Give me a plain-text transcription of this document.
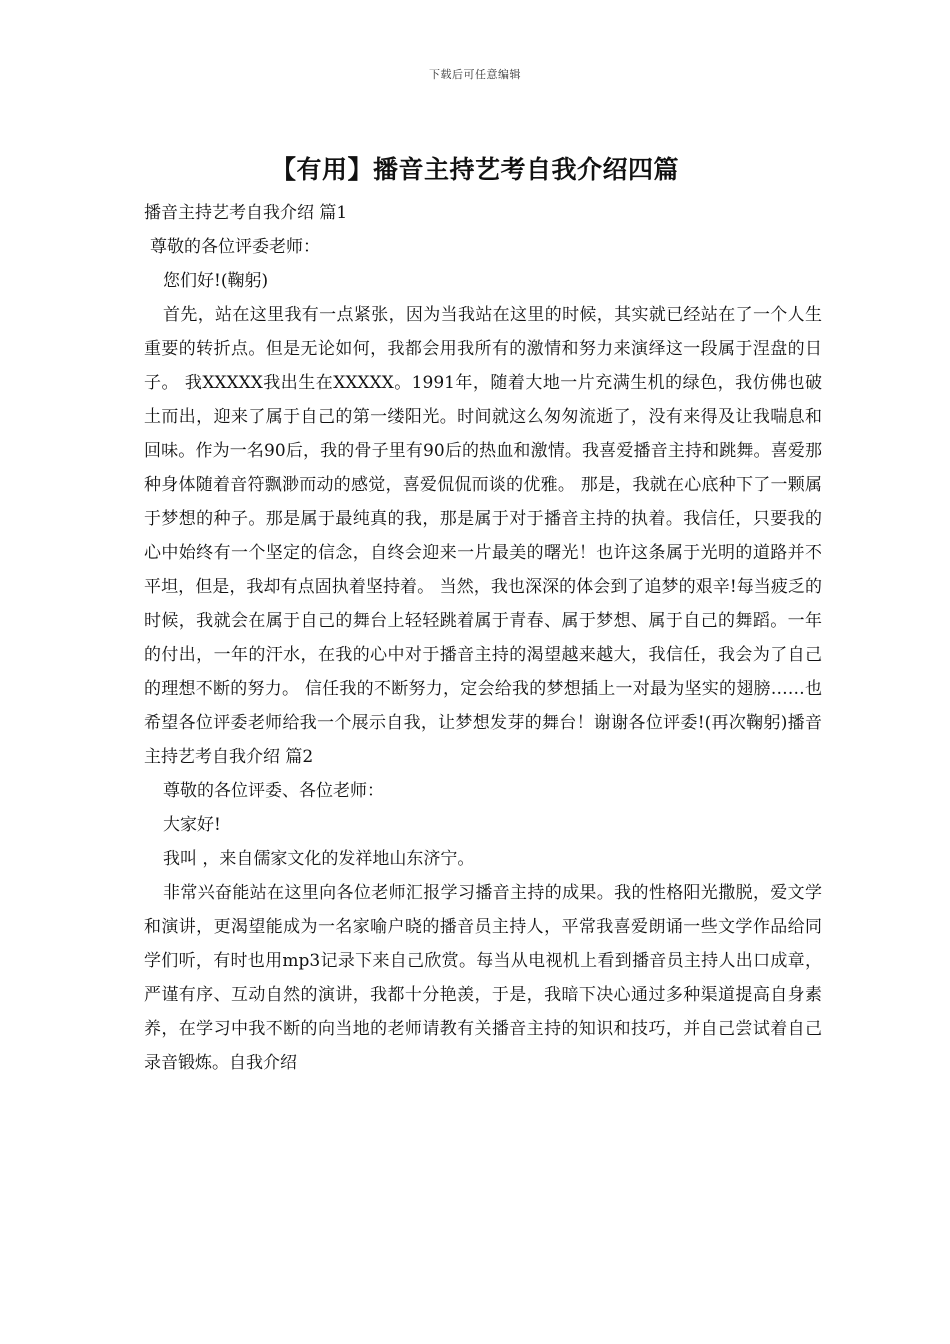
下载后可任意编辑
【有用】播音主持艺考自我介绍四篇

播音主持艺考自我介绍 篇1

尊敬的各位评委老师：

您们好!(鞠躬)

首先，站在这里我有一点紧张，因为当我站在这里的时候，其实就已经站在了一个人生重要的转折点。但是无论如何，我都会用我所有的激情和努力来演绎这一段属于涅盘的日子。 我XXXXX我出生在XXXXX。1991年，随着大地一片充满生机的绿色，我仿佛也破土而出，迎来了属于自己的第一缕阳光。时间就这么匆匆流逝了，没有来得及让我喘息和回味。作为一名90后，我的骨子里有90后的热血和激情。我喜爱播音主持和跳舞。喜爱那种身体随着音符飘渺而动的感觉，喜爱侃侃而谈的优雅。 那是，我就在心底种下了一颗属于梦想的种子。那是属于最纯真的我，那是属于对于播音主持的执着。我信任，只要我的心中始终有一个坚定的信念，自终会迎来一片最美的曙光！也许这条属于光明的道路并不平坦，但是，我却有点固执着坚持着。 当然，我也深深的体会到了追梦的艰辛!每当疲乏的时候，我就会在属于自己的舞台上轻轻跳着属于青春、属于梦想、属于自己的舞蹈。一年的付出，一年的汗水，在我的心中对于播音主持的渴望越来越大，我信任，我会为了自己的理想不断的努力。 信任我的不断努力，定会给我的梦想插上一对最为坚实的翅膀……也希望各位评委老师给我一个展示自我，让梦想发芽的舞台！谢谢各位评委!(再次鞠躬)播音主持艺考自我介绍 篇2

尊敬的各位评委、各位老师：

大家好!

我叫 ，来自儒家文化的发祥地山东济宁。

非常兴奋能站在这里向各位老师汇报学习播音主持的成果。我的性格阳光撒脱，爱文学和演讲，更渴望能成为一名家喻户晓的播音员主持人，平常我喜爱朗诵一些文学作品给同学们听，有时也用mp3记录下来自己欣赏。每当从电视机上看到播音员主持人出口成章，严谨有序、互动自然的演讲，我都十分艳羡，于是，我暗下决心通过多种渠道提高自身素养，在学习中我不断的向当地的老师请教有关播音主持的知识和技巧，并自己尝试着自己录音锻炼。自我介绍
